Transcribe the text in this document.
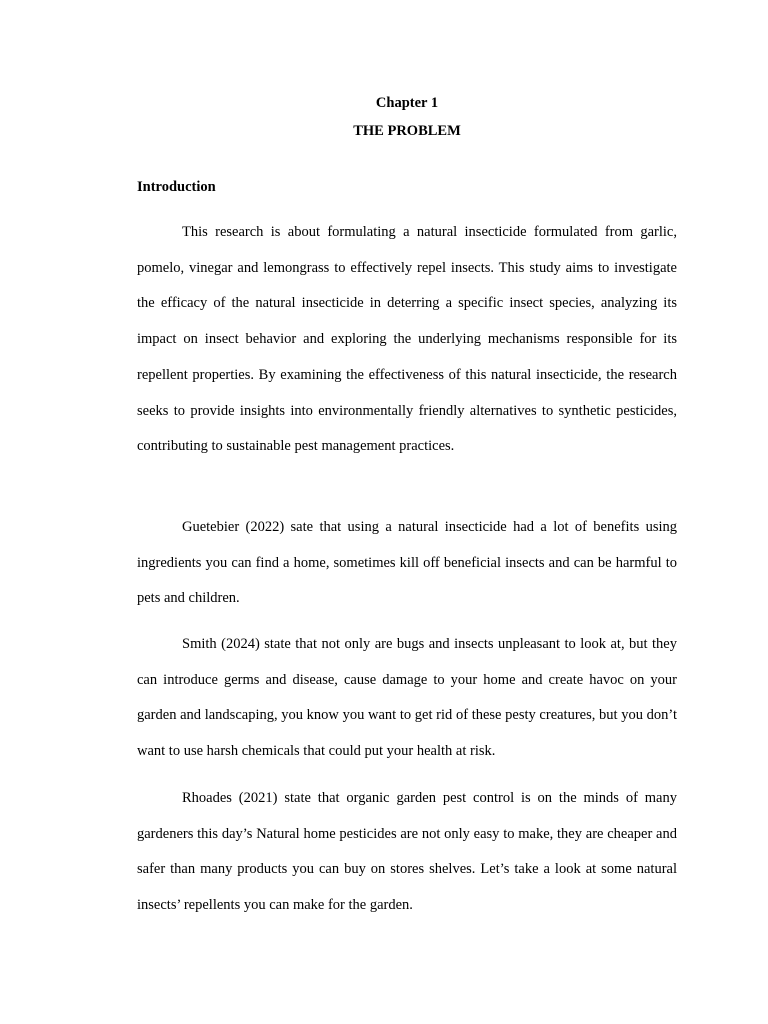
Chapter 1
THE PROBLEM
Introduction

This research is about formulating a natural insecticide formulated from garlic, pomelo, vinegar and lemongrass to effectively repel insects. This study aims to investigate the efficacy of the natural insecticide in deterring a specific insect species, analyzing its impact on insect behavior and exploring the underlying mechanisms responsible for its repellent properties. By examining the effectiveness of this natural insecticide, the research seeks to provide insights into environmentally friendly alternatives to synthetic pesticides, contributing to sustainable pest management practices.

Guetebier (2022) sate that using a natural insecticide had a lot of benefits using ingredients you can find a home, sometimes kill off beneficial insects and can be harmful to pets and children.

Smith (2024) state that not only are bugs and insects unpleasant to look at, but they can introduce germs and disease, cause damage to your home and create havoc on your garden and landscaping, you know you want to get rid of these pesty creatures, but you don’t want to use harsh chemicals that could put your health at risk.

Rhoades (2021) state that organic garden pest control is on the minds of many gardeners this day’s Natural home pesticides are not only easy to make, they are cheaper and safer than many products you can buy on stores shelves. Let’s take a look at some natural insects’ repellents you can make for the garden.
